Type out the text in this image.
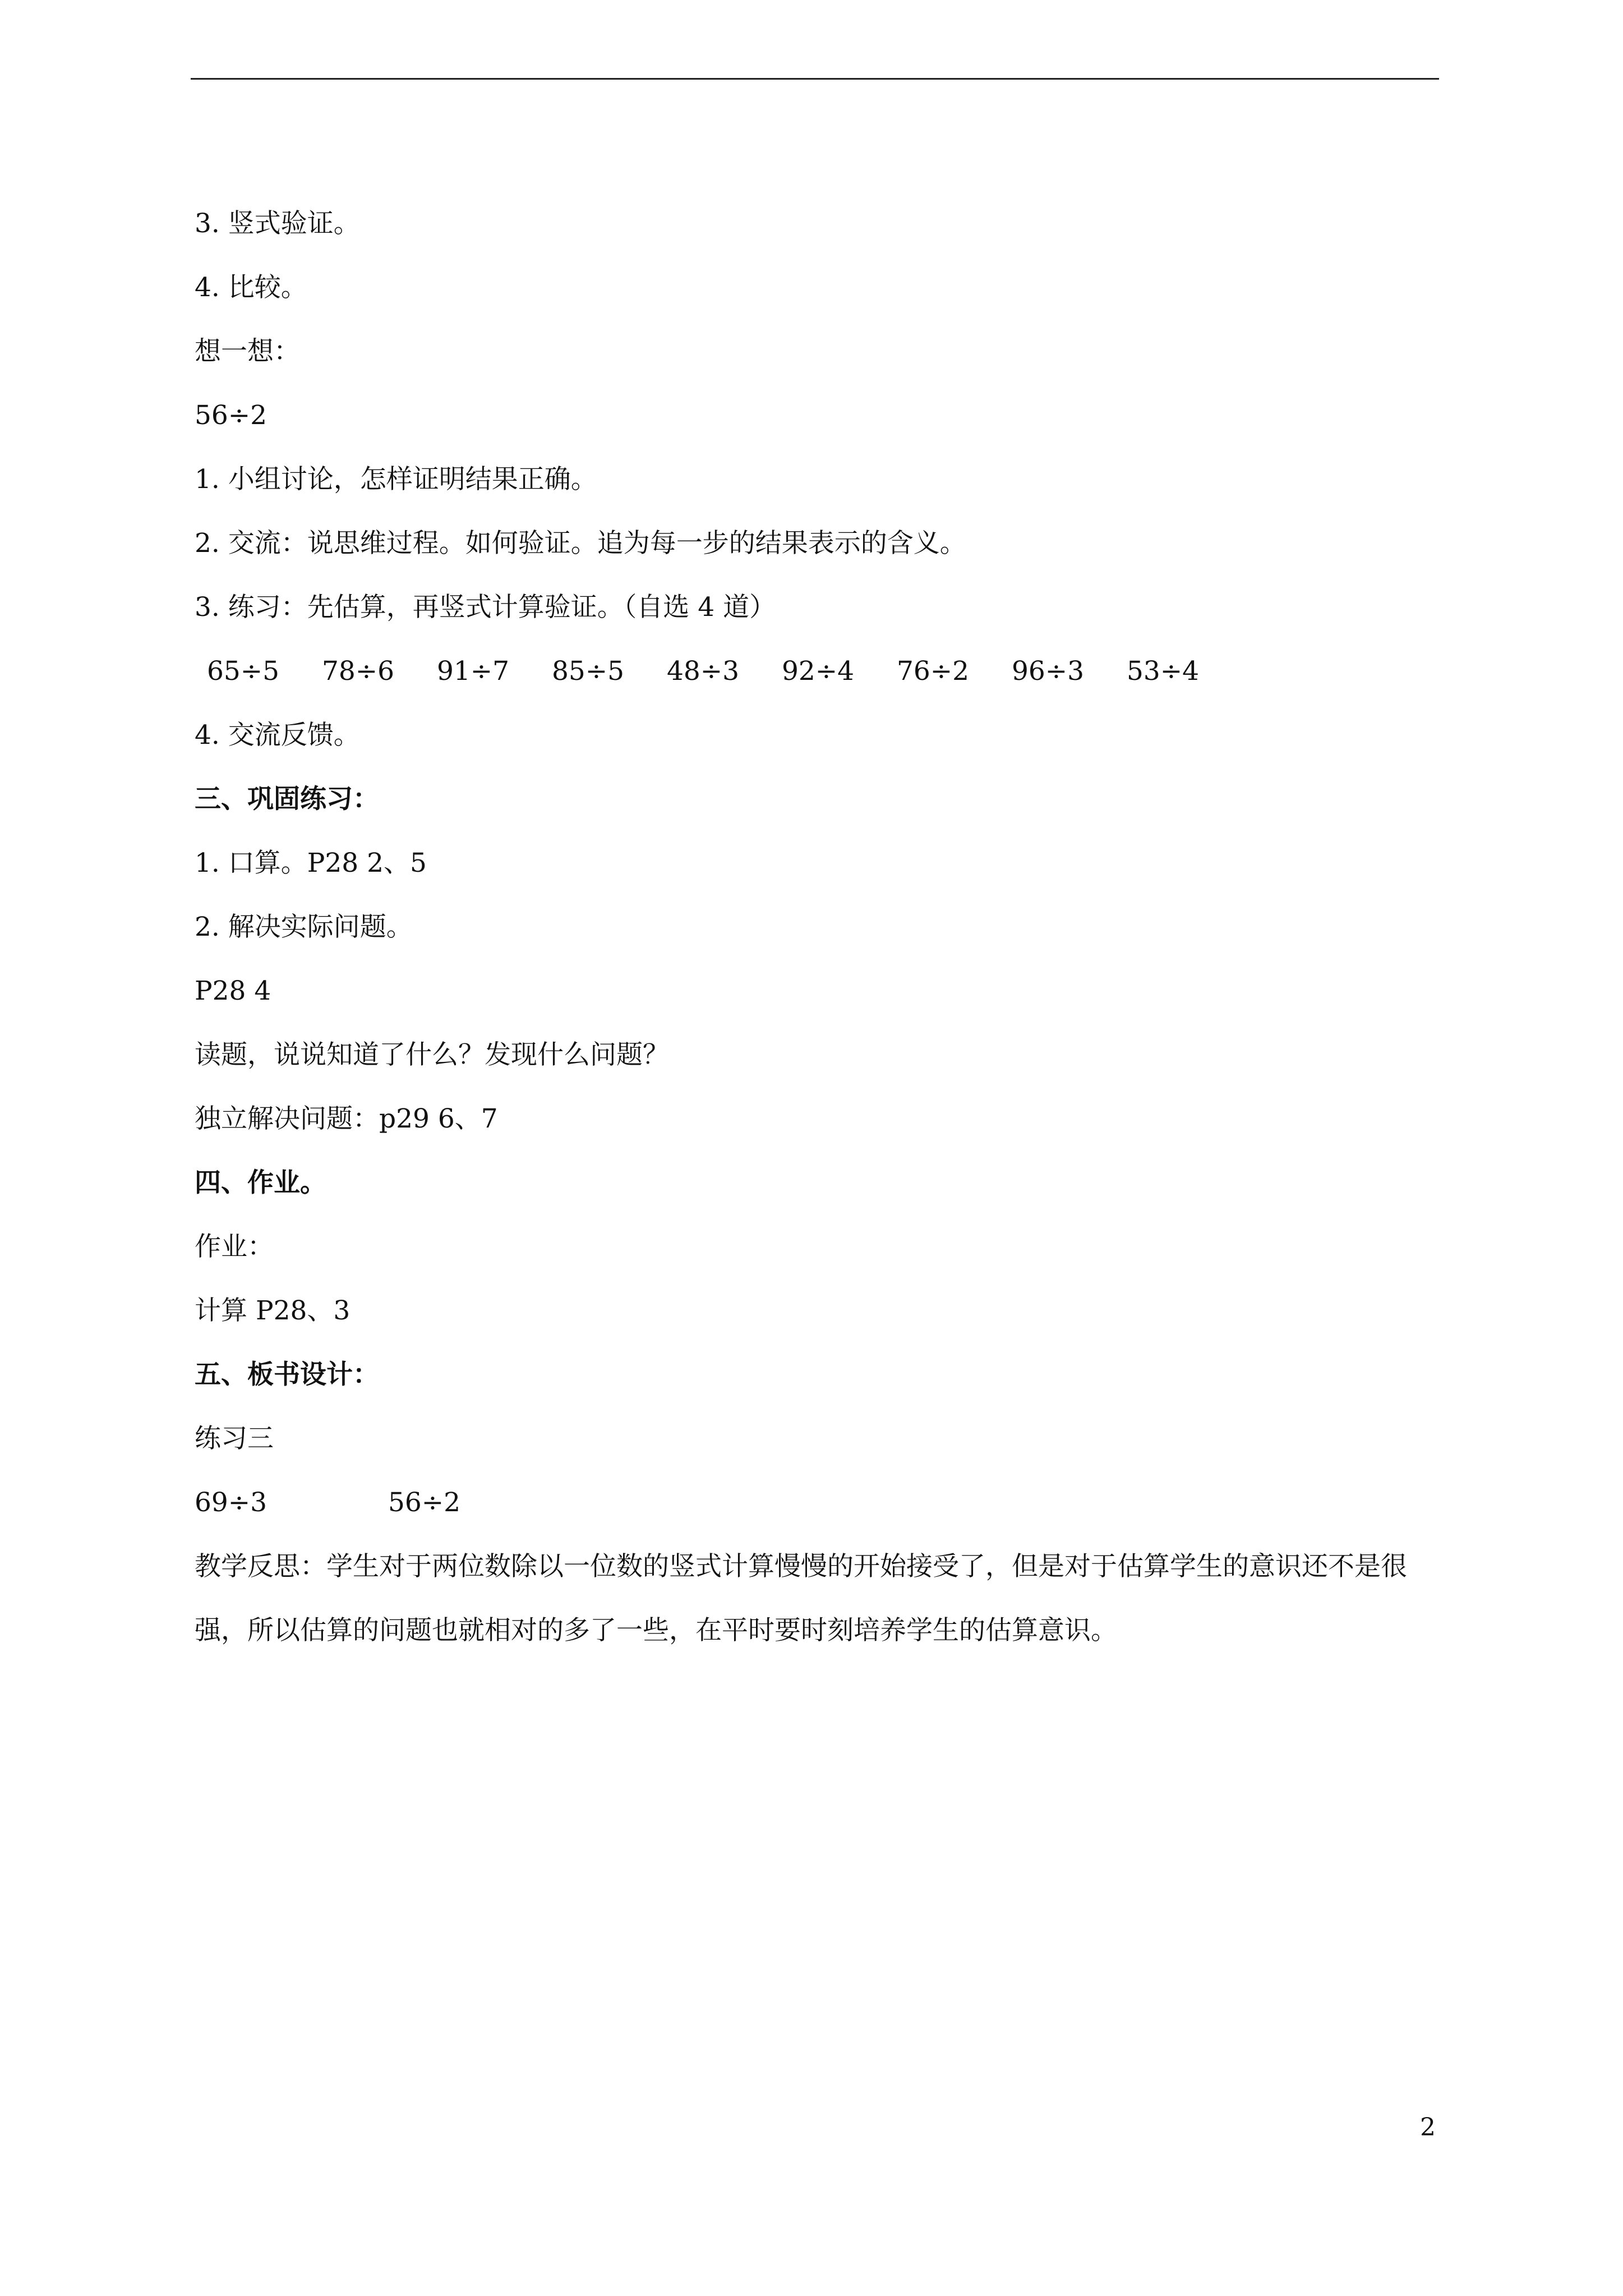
3. 竖式验证。
4. 比较。
想一想：
56÷2
1. 小组讨论，怎样证明结果正确。
2. 交流：说思维过程。如何验证。追为每一步的结果表示的含义。
3. 练习：先估算，再竖式计算验证。（自选 4 道）
65÷5	78÷6	91÷7	85÷5	48÷3	92÷4	76÷2	96÷3	53÷4
4. 交流反馈。
三、巩固练习：
1. 口算。P28 2、5
2. 解决实际问题。
P28 4
读题，说说知道了什么？发现什么问题？
独立解决问题：p29 6、7
四、作业。
作业：
计算 P28、3
五、板书设计：
练习三
69÷3	56÷2
教学反思：学生对于两位数除以一位数的竖式计算慢慢的开始接受了，但是对于估算学生的意识还不是很强，所以估算的问题也就相对的多了一些，在平时要时刻培养学生的估算意识。
2
